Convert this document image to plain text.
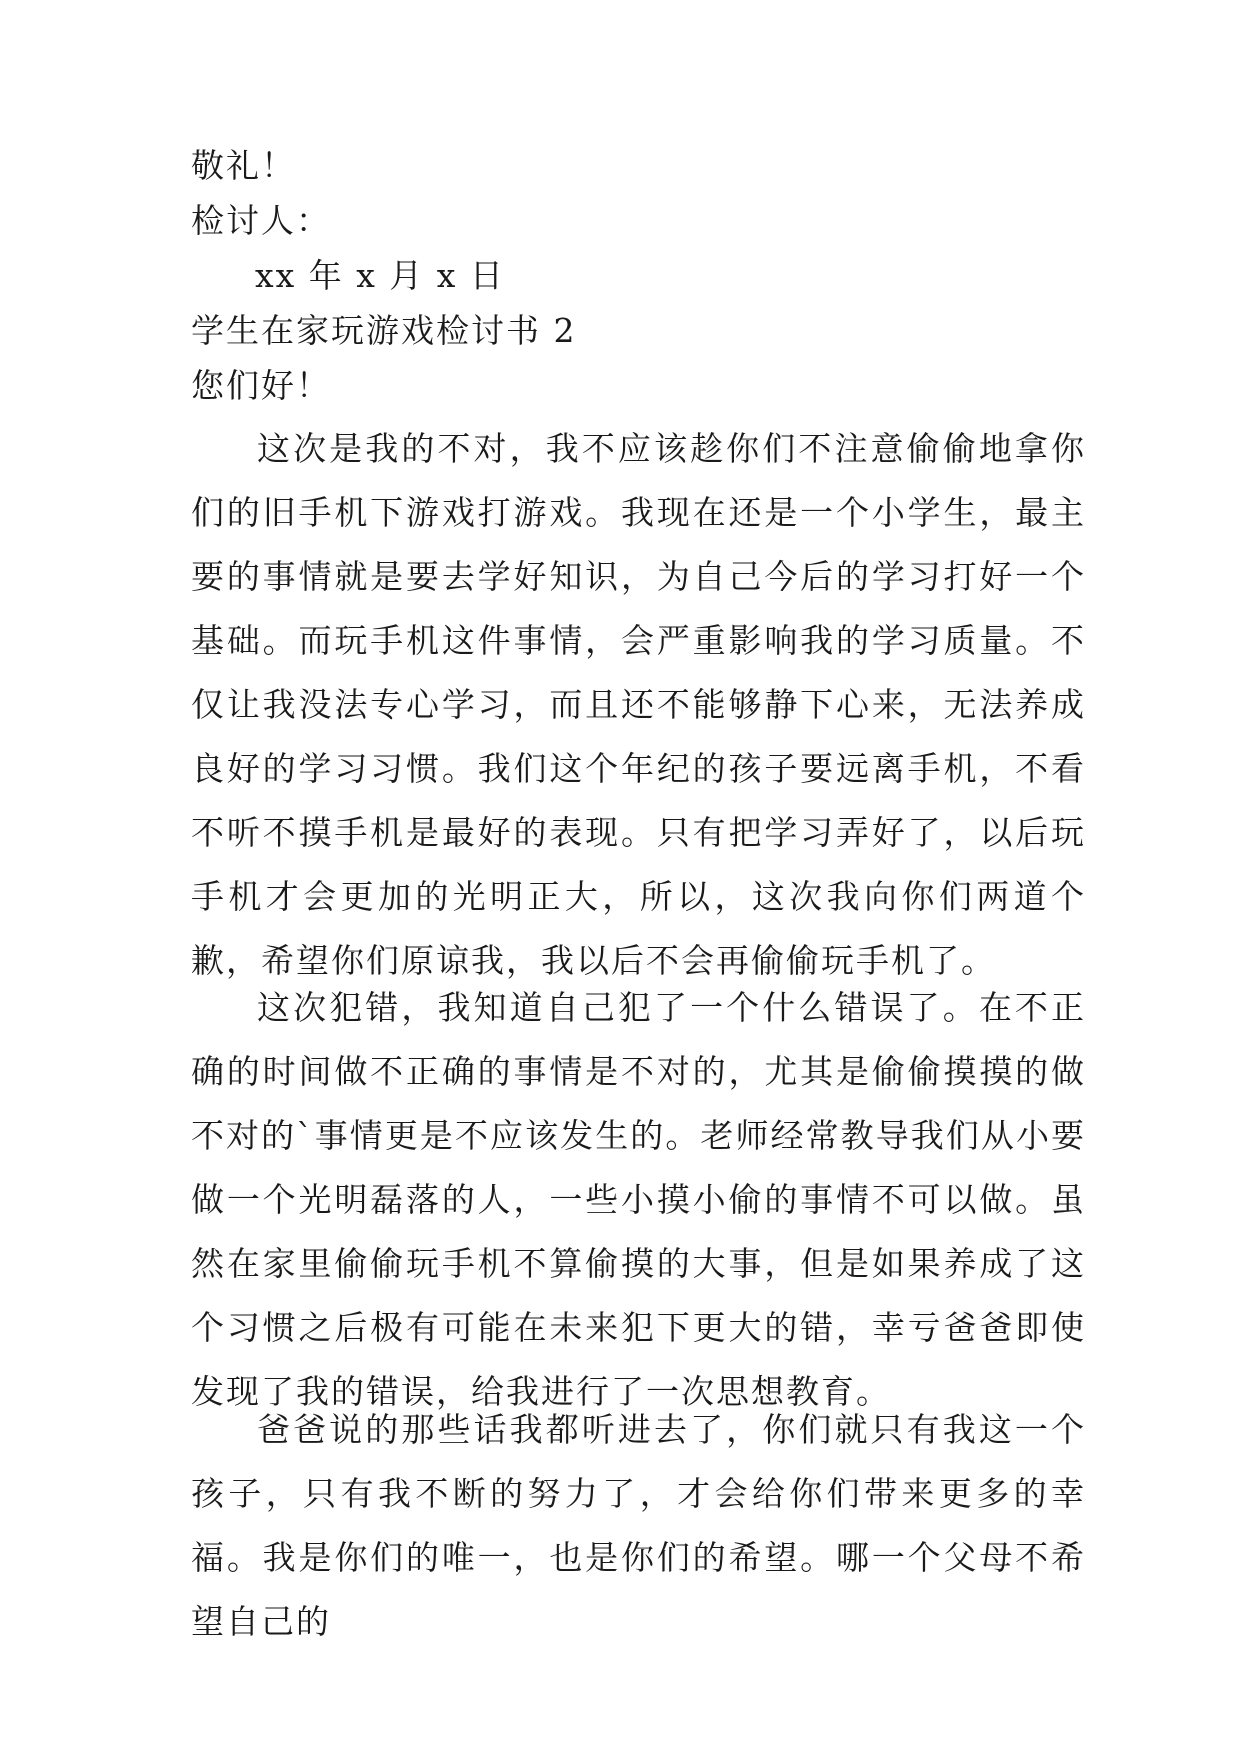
敬礼！
检讨人：
xx 年 x 月 x 日
学生在家玩游戏检讨书 2
您们好！

这次是我的不对，我不应该趁你们不注意偷偷地拿你们的旧手机下游戏打游戏。我现在还是一个小学生，最主要的事情就是要去学好知识，为自己今后的学习打好一个基础。而玩手机这件事情，会严重影响我的学习质量。不仅让我没法专心学习，而且还不能够静下心来，无法养成良好的学习习惯。我们这个年纪的孩子要远离手机，不看不听不摸手机是最好的表现。只有把学习弄好了，以后玩手机才会更加的光明正大，所以，这次我向你们两道个歉，希望你们原谅我，我以后不会再偷偷玩手机了。

这次犯错，我知道自己犯了一个什么错误了。在不正确的时间做不正确的事情是不对的，尤其是偷偷摸摸的做不对的`事情更是不应该发生的。老师经常教导我们从小要做一个光明磊落的人，一些小摸小偷的事情不可以做。虽然在家里偷偷玩手机不算偷摸的大事，但是如果养成了这个习惯之后极有可能在未来犯下更大的错，幸亏爸爸即使发现了我的错误，给我进行了一次思想教育。

爸爸说的那些话我都听进去了，你们就只有我这一个孩子，只有我不断的努力了，才会给你们带来更多的幸福。我是你们的唯一，也是你们的希望。哪一个父母不希望自己的
